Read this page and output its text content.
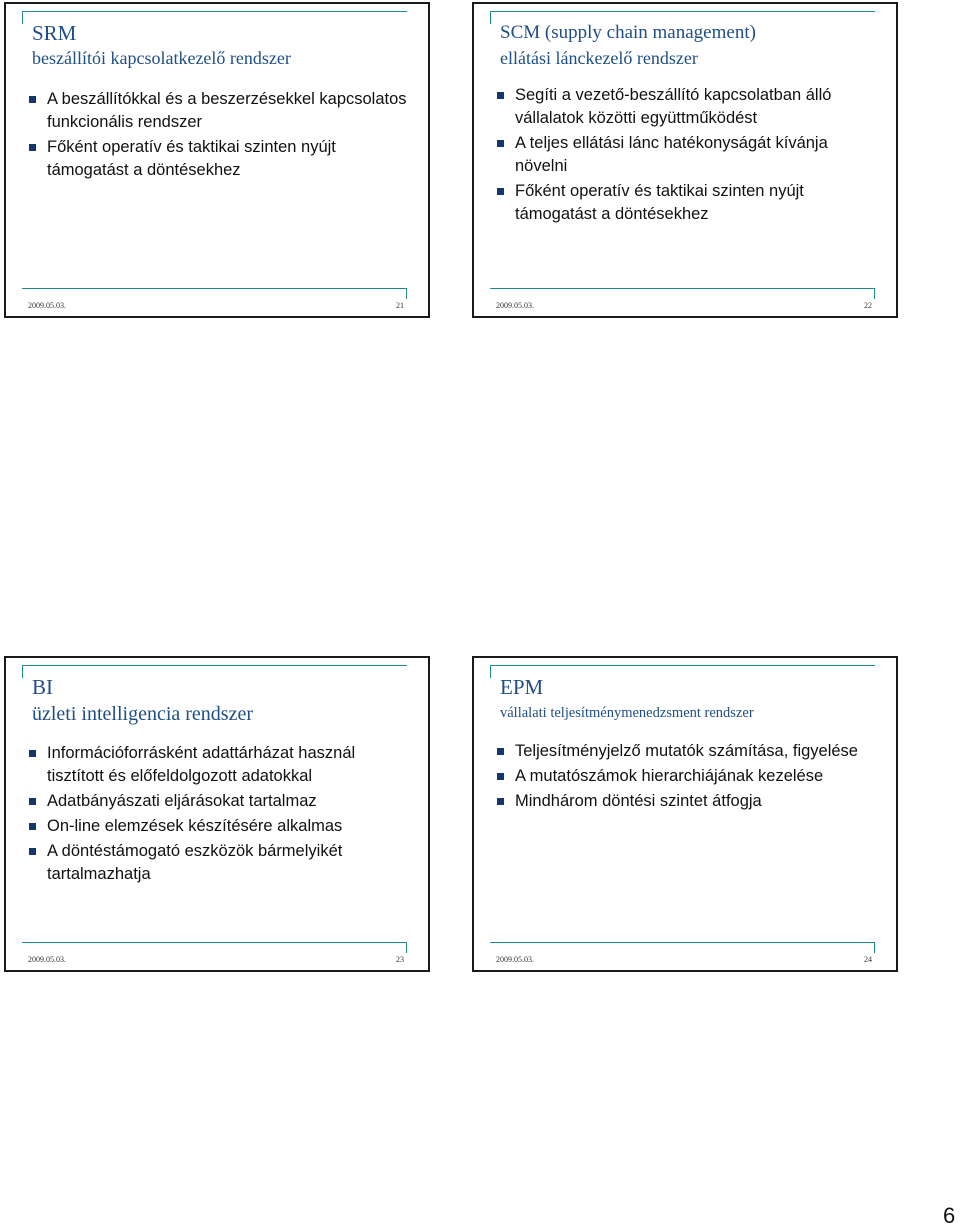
SRM
beszállítói kapcsolatkezelő rendszer
A beszállítókkal és a beszerzésekkel kapcsolatos funkcionális rendszer
Főként operatív és taktikai szinten nyújt támogatást a döntésekhez
2009.05.03.	21
SCM (supply chain management)
ellátási lánckezelő rendszer
Segíti a vezető-beszállító kapcsolatban álló vállalatok közötti együttműködést
A teljes ellátási lánc hatékonyságát kívánja növelni
Főként operatív és taktikai szinten nyújt támogatást a döntésekhez
2009.05.03.	22
BI
üzleti intelligencia rendszer
Információforrásként adattárházat használ tisztított és előfeldolgozott adatokkal
Adatbányászati eljárásokat tartalmaz
On-line elemzések készítésére alkalmas
A döntéstámogató eszközök bármelyikét tartalmazhatja
2009.05.03.	23
EPM
vállalati teljesítménymenedzsment rendszer
Teljesítményjelző mutatók számítása, figyelése
A mutatószámok hierarchiájának kezelése
Mindhárom döntési szintet átfogja
2009.05.03.	24
6
